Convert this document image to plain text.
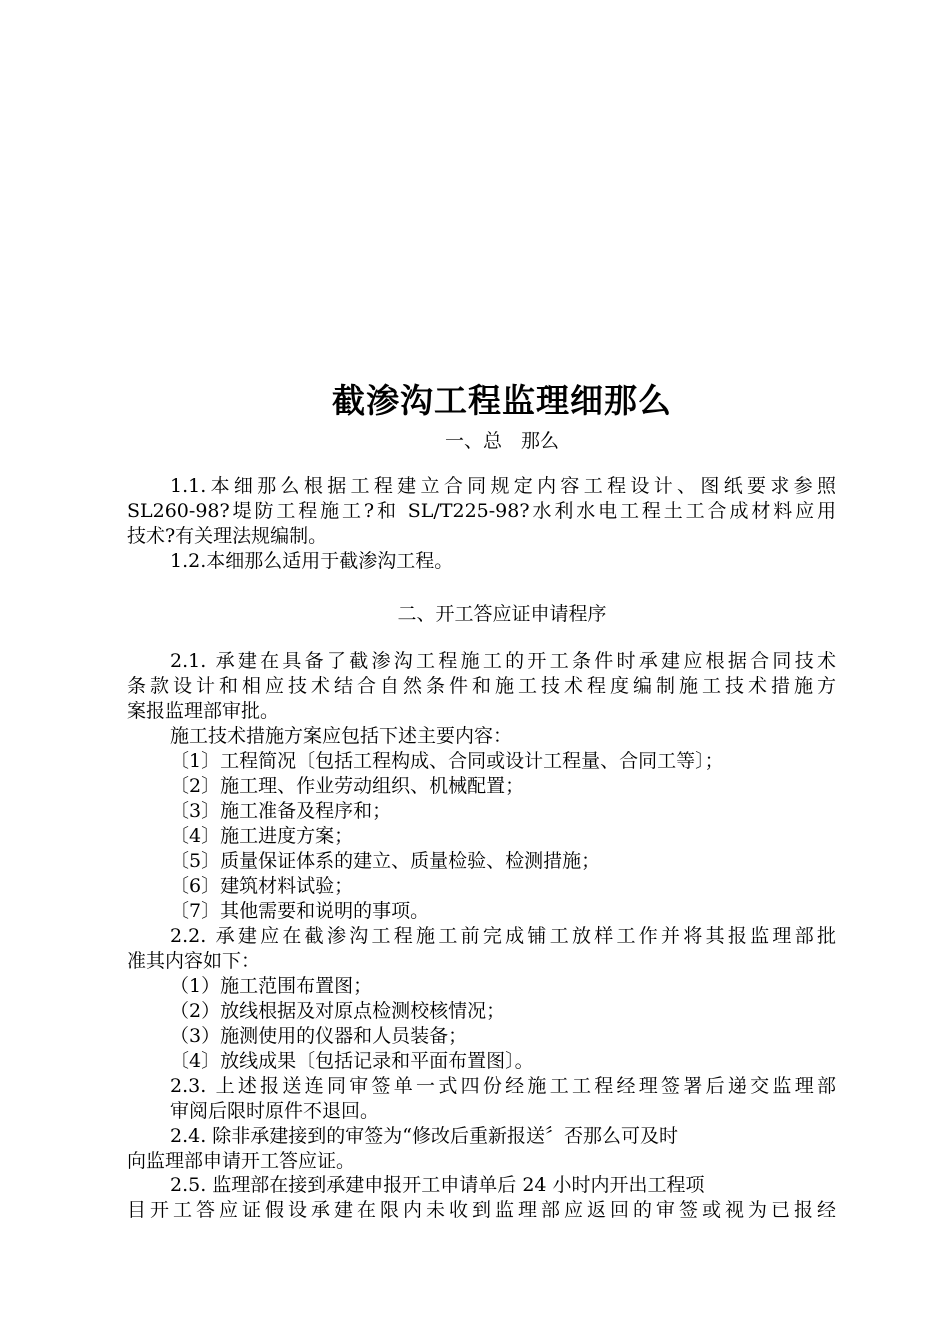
截渗沟工程监理细那么
一、总　那么
1.1.本细那么根据工程建立合同规定内容工程设计、图纸要求参照
SL260-98?堤防工程施工?和 SL/T225-98?水利水电工程土工合成材料应用
技术?有关理法规编制。
1.2.本细那么适用于截渗沟工程。
二、开工答应证申请程序
2.1. 承建在具备了截渗沟工程施工的开工条件时承建应根据合同技术
条款设计和相应技术结合自然条件和施工技术程度编制施工技术措施方
案报监理部审批。
施工技术措施方案应包括下述主要内容：
〔1〕工程简况〔包括工程构成、合同或设计工程量、合同工等〕；
〔2〕施工理、作业劳动组织、机械配置；
〔3〕施工准备及程序和；
〔4〕施工进度方案；
〔5〕质量保证体系的建立、质量检验、检测措施；
〔6〕建筑材料试验；
〔7〕其他需要和说明的事项。
2.2. 承建应在截渗沟工程施工前完成铺工放样工作并将其报监理部批
准其内容如下：
（1）施工范围布置图；
（2）放线根据及对原点检测校核情况；
（3）施测使用的仪器和人员装备；
〔4〕放线成果〔包括记录和平面布置图〕。
2.3. 上述报送连同审签单一式四份经施工工程经理签署后递交监理部
审阅后限时原件不退回。
2.4. 除非承建接到的审签为“修改后重新报送〞否那么可及时
向监理部申请开工答应证。
2.5. 监理部在接到承建申报开工申请单后 24 小时内开出工程项
目开工答应证假设承建在限内未收到监理部应返回的审签或视为已报经
